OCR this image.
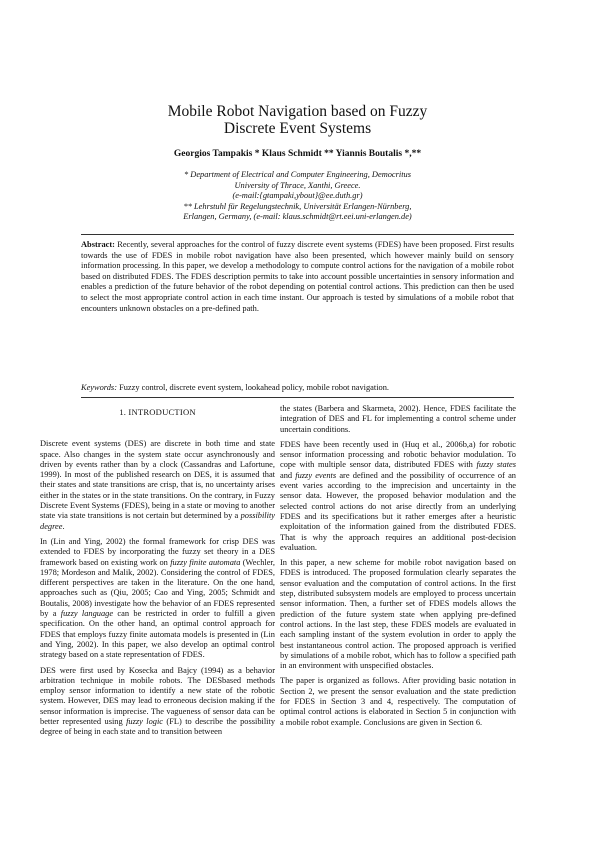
Mobile Robot Navigation based on Fuzzy
Discrete Event Systems
Georgios Tampakis * Klaus Schmidt ** Yiannis Boutalis *,**
* Department of Electrical and Computer Engineering, Democritus
University of Thrace, Xanthi, Greece.
(e-mail:{gtampaki,ybout}@ee.duth.gr)
** Lehrstuhl für Regelungstechnik, Universität Erlangen-Nürnberg,
Erlangen, Germany, (e-mail: klaus.schmidt@rt.eei.uni-erlangen.de)

Abstract: Recently, several approaches for the control of fuzzy discrete event systems (FDES) have been proposed. First results towards the use of FDES in mobile robot navigation have also been presented, which however mainly build on sensory information processing. In this paper, we develop a methodology to compute control actions for the navigation of a mobile robot based on distributed FDES. The FDES description permits to take into account possible uncertainties in sensory information and enables a prediction of the future behavior of the robot depending on potential control actions. This prediction can then be used to select the most appropriate control action in each time instant. Our approach is tested by simulations of a mobile robot that encounters unknown obstacles on a pre-defined path.

Keywords: Fuzzy control, discrete event system, lookahead policy, mobile robot navigation.

1. INTRODUCTION

Discrete event systems (DES) are discrete in both time and state space. Also changes in the system state occur asynchronously and driven by events rather than by a clock (Cassandras and Lafortune, 1999). In most of the published research on DES, it is assumed that their states and state transitions are crisp, that is, no uncertainty arises either in the states or in the state transitions. On the contrary, in Fuzzy Discrete Event Systems (FDES), being in a state or moving to another state via state transitions is not certain but determined by a possibility degree.

In (Lin and Ying, 2002) the formal framework for crisp DES was extended to FDES by incorporating the fuzzy set theory in a DES framework based on existing work on fuzzy finite automata (Wechler, 1978; Mordeson and Malik, 2002). Considering the control of FDES, different perspectives are taken in the literature. On the one hand, approaches such as (Qiu, 2005; Cao and Ying, 2005; Schmidt and Boutalis, 2008) investigate how the behavior of an FDES represented by a fuzzy language can be restricted in order to fulfill a given specification. On the other hand, an optimal control approach for FDES that employs fuzzy finite automata models is presented in (Lin and Ying, 2002). In this paper, we also develop an optimal control strategy based on a state representation of FDES.

DES were first used by Kosecka and Bajcy (1994) as a behavior arbitration technique in mobile robots. The DESbased methods employ sensor information to identify a new state of the robotic system. However, DES may lead to erroneous decision making if the sensor information is imprecise. The vagueness of sensor data can be better represented using fuzzy logic (FL) to describe the possibility degree of being in each state and to transition between

the states (Barbera and Skarmeta, 2002). Hence, FDES facilitate the integration of DES and FL for implementing a control scheme under uncertain conditions.

FDES have been recently used in (Huq et al., 2006b,a) for robotic sensor information processing and robotic behavior modulation. To cope with multiple sensor data, distributed FDES with fuzzy states and fuzzy events are defined and the possibility of occurrence of an event varies according to the imprecision and uncertainty in the sensor data. However, the proposed behavior modulation and the selected control actions do not arise directly from an underlying FDES and its specifications but it rather emerges after a heuristic exploitation of the information gained from the distributed FDES. That is why the approach requires an additional post-decision evaluation.

In this paper, a new scheme for mobile robot navigation based on FDES is introduced. The proposed formulation clearly separates the sensor evaluation and the computation of control actions. In the first step, distributed subsystem models are employed to process uncertain sensor information. Then, a further set of FDES models allows the prediction of the future system state when applying pre-defined control actions. In the last step, these FDES models are evaluated in each sampling instant of the system evolution in order to apply the best instantaneous control action. The proposed approach is verified by simulations of a mobile robot, which has to follow a specified path in an environment with unspecified obstacles.

The paper is organized as follows. After providing basic notation in Section 2, we present the sensor evaluation and the state prediction for FDES in Section 3 and 4, respectively. The computation of optimal control actions is elaborated in Section 5 in conjunction with a mobile robot example. Conclusions are given in Section 6.
